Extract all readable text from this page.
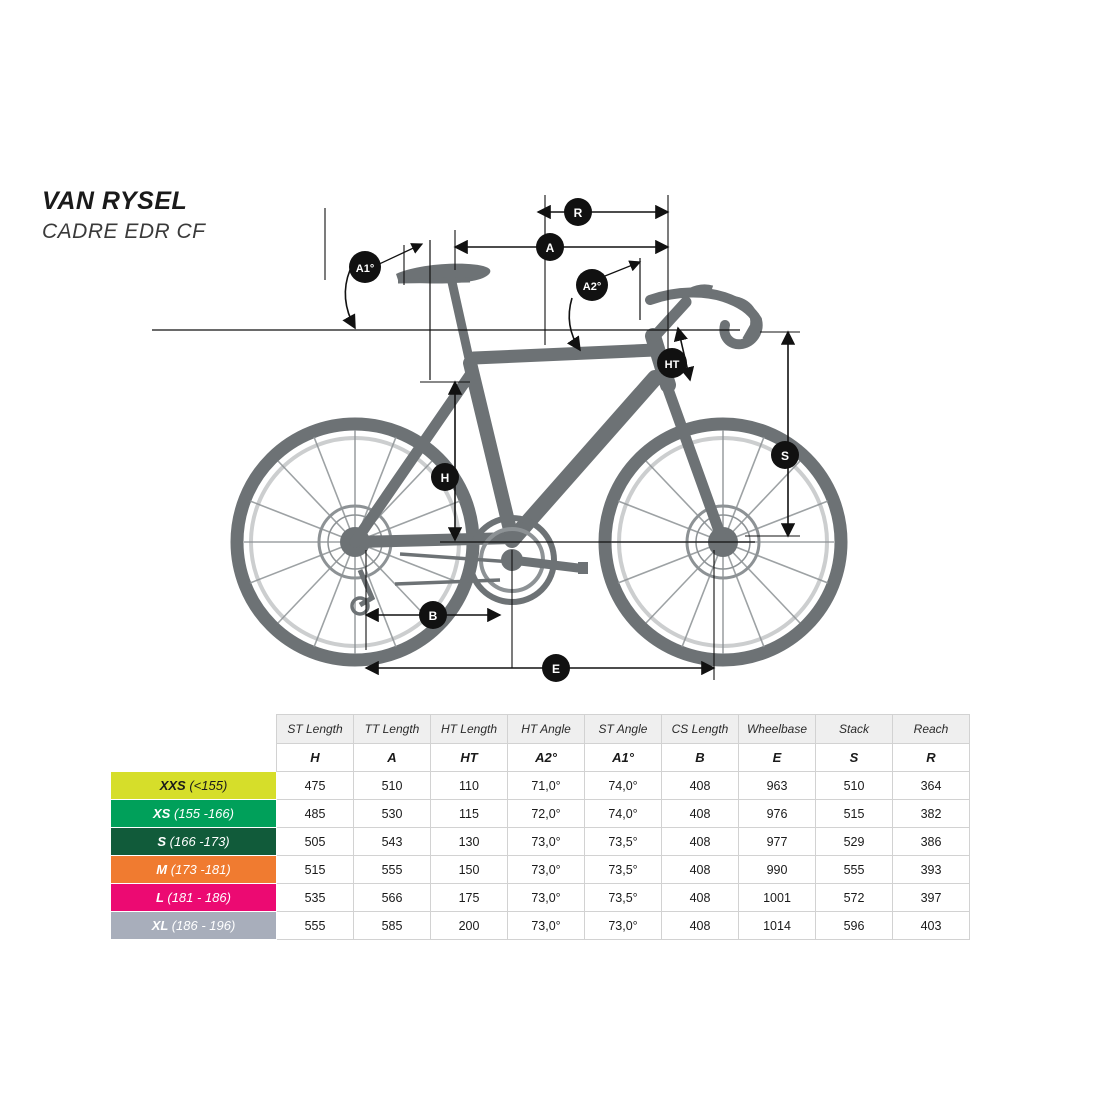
VAN RYSEL
CADRE EDR CF
R
A
A1°
A2°
HT
H
S
B
E
	ST Length	TT Length	HT Length	HT Angle	ST Angle	CS Length	Wheelbase	Stack	Reach
	H	A	HT	A2°	A1°	B	E	S	R
XXS (<155)	475	510	110	71,0°	74,0°	408	963	510	364
XS (155 -166)	485	530	115	72,0°	74,0°	408	976	515	382
S (166 -173)	505	543	130	73,0°	73,5°	408	977	529	386
M (173 -181)	515	555	150	73,0°	73,5°	408	990	555	393
L (181 - 186)	535	566	175	73,0°	73,5°	408	1001	572	397
XL (186 - 196)	555	585	200	73,0°	73,0°	408	1014	596	403
